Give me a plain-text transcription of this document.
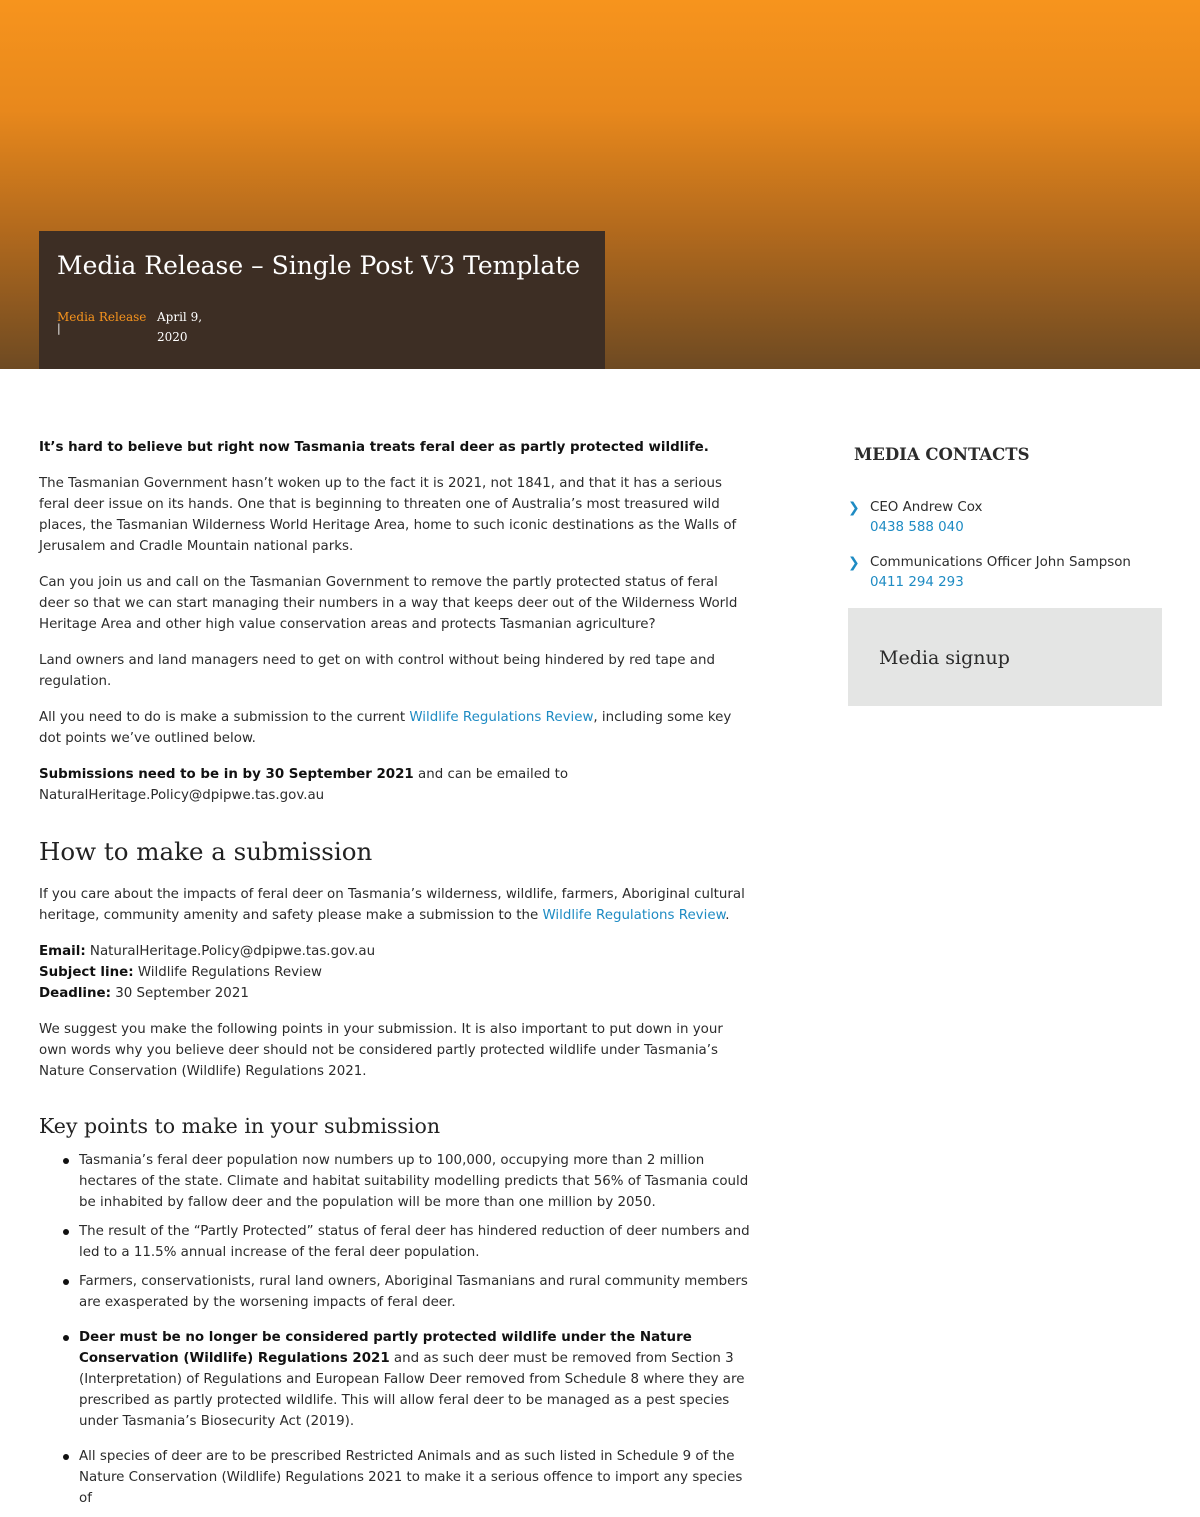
Media Release – Single Post V3 Template
Media Release
|
April 9, 2020

It’s hard to believe but right now Tasmania treats feral deer as partly protected wildlife.

The Tasmanian Government hasn’t woken up to the fact it is 2021, not 1841, and that it has a serious feral deer issue on its hands. One that is beginning to threaten one of Australia’s most treasured wild places, the Tasmanian Wilderness World Heritage Area, home to such iconic destinations as the Walls of Jerusalem and Cradle Mountain national parks.

Can you join us and call on the Tasmanian Government to remove the partly protected status of feral deer so that we can start managing their numbers in a way that keeps deer out of the Wilderness World Heritage Area and other high value conservation areas and protects Tasmanian agriculture?

Land owners and land managers need to get on with control without being hindered by red tape and regulation.

All you need to do is make a submission to the current Wildlife Regulations Review, including some key dot points we’ve outlined below.

Submissions need to be in by 30 September 2021 and can be emailed to NaturalHeritage.Policy@dpipwe.tas.gov.au

How to make a submission

If you care about the impacts of feral deer on Tasmania’s wilderness, wildlife, farmers, Aboriginal cultural heritage, community amenity and safety please make a submission to the Wildlife Regulations Review.

Email: NaturalHeritage.Policy@dpipwe.tas.gov.au
Subject line: Wildlife Regulations Review
Deadline: 30 September 2021

We suggest you make the following points in your submission. It is also important to put down in your own words why you believe deer should not be considered partly protected wildlife under Tasmania’s Nature Conservation (Wildlife) Regulations 2021.

Key points to make in your submission
Tasmania’s feral deer population now numbers up to 100,000, occupying more than 2 million hectares of the state. Climate and habitat suitability modelling predicts that 56% of Tasmania could be inhabited by fallow deer and the population will be more than one million by 2050.
The result of the “Partly Protected” status of feral deer has hindered reduction of deer numbers and led to a 11.5% annual increase of the feral deer population.
Farmers, conservationists, rural land owners, Aboriginal Tasmanians and rural community members are exasperated by the worsening impacts of feral deer.
Deer must be no longer be considered partly protected wildlife under the Nature Conservation (Wildlife) Regulations 2021 and as such deer must be removed from Section 3 (Interpretation) of Regulations and European Fallow Deer removed from Schedule 8 where they are prescribed as partly protected wildlife. This will allow feral deer to be managed as a pest species under Tasmania’s Biosecurity Act (2019).
All species of deer are to be prescribed Restricted Animals and as such listed in Schedule 9 of the Nature Conservation (Wildlife) Regulations 2021 to make it a serious offence to import any species of
MEDIA CONTACTS
❯ CEO Andrew Cox
0438 588 040
❯ Communications Officer John Sampson
0411 294 293
Media signup
